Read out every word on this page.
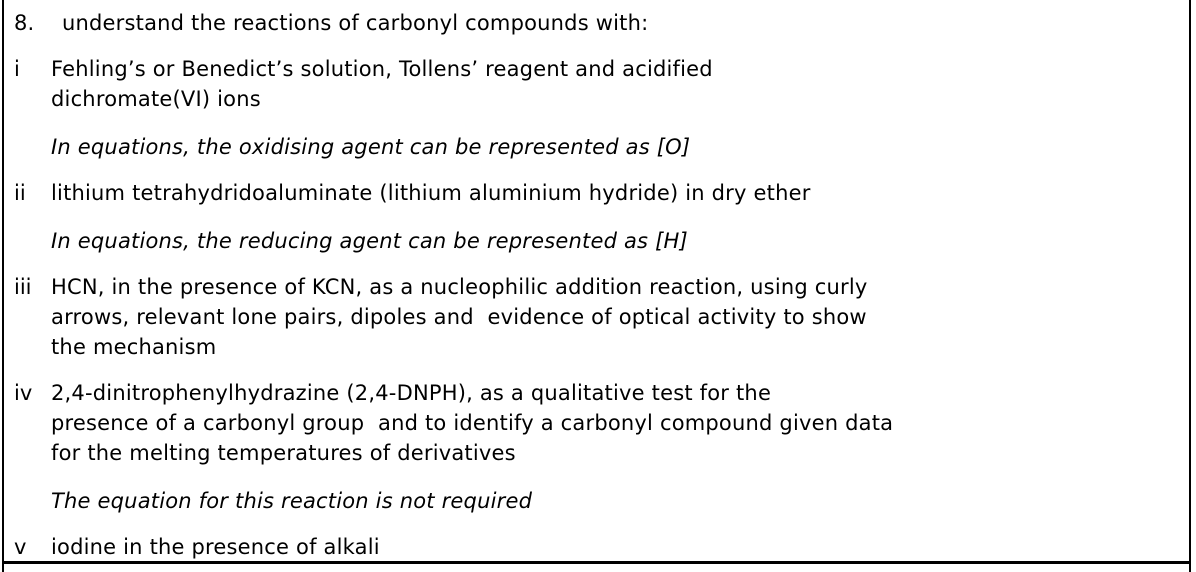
8.	understand the reactions of carbonyl compounds with:
i	Fehling’s or Benedict’s solution, Tollens’ reagent and acidified
dichromate(VI) ions
In equations, the oxidising agent can be represented as [O]
ii	lithium tetrahydridoaluminate (lithium aluminium hydride) in dry ether
In equations, the reducing agent can be represented as [H]
iii HCN, in the presence of KCN, as a nucleophilic addition reaction, using curly
arrows, relevant lone pairs, dipoles and  evidence of optical activity to show
the mechanism
iv 2,4-dinitrophenylhydrazine (2,4-DNPH), as a qualitative test for the
presence of a carbonyl group  and to identify a carbonyl compound given data
for the melting temperatures of derivatives
The equation for this reaction is not required
v	iodine in the presence of alkali
